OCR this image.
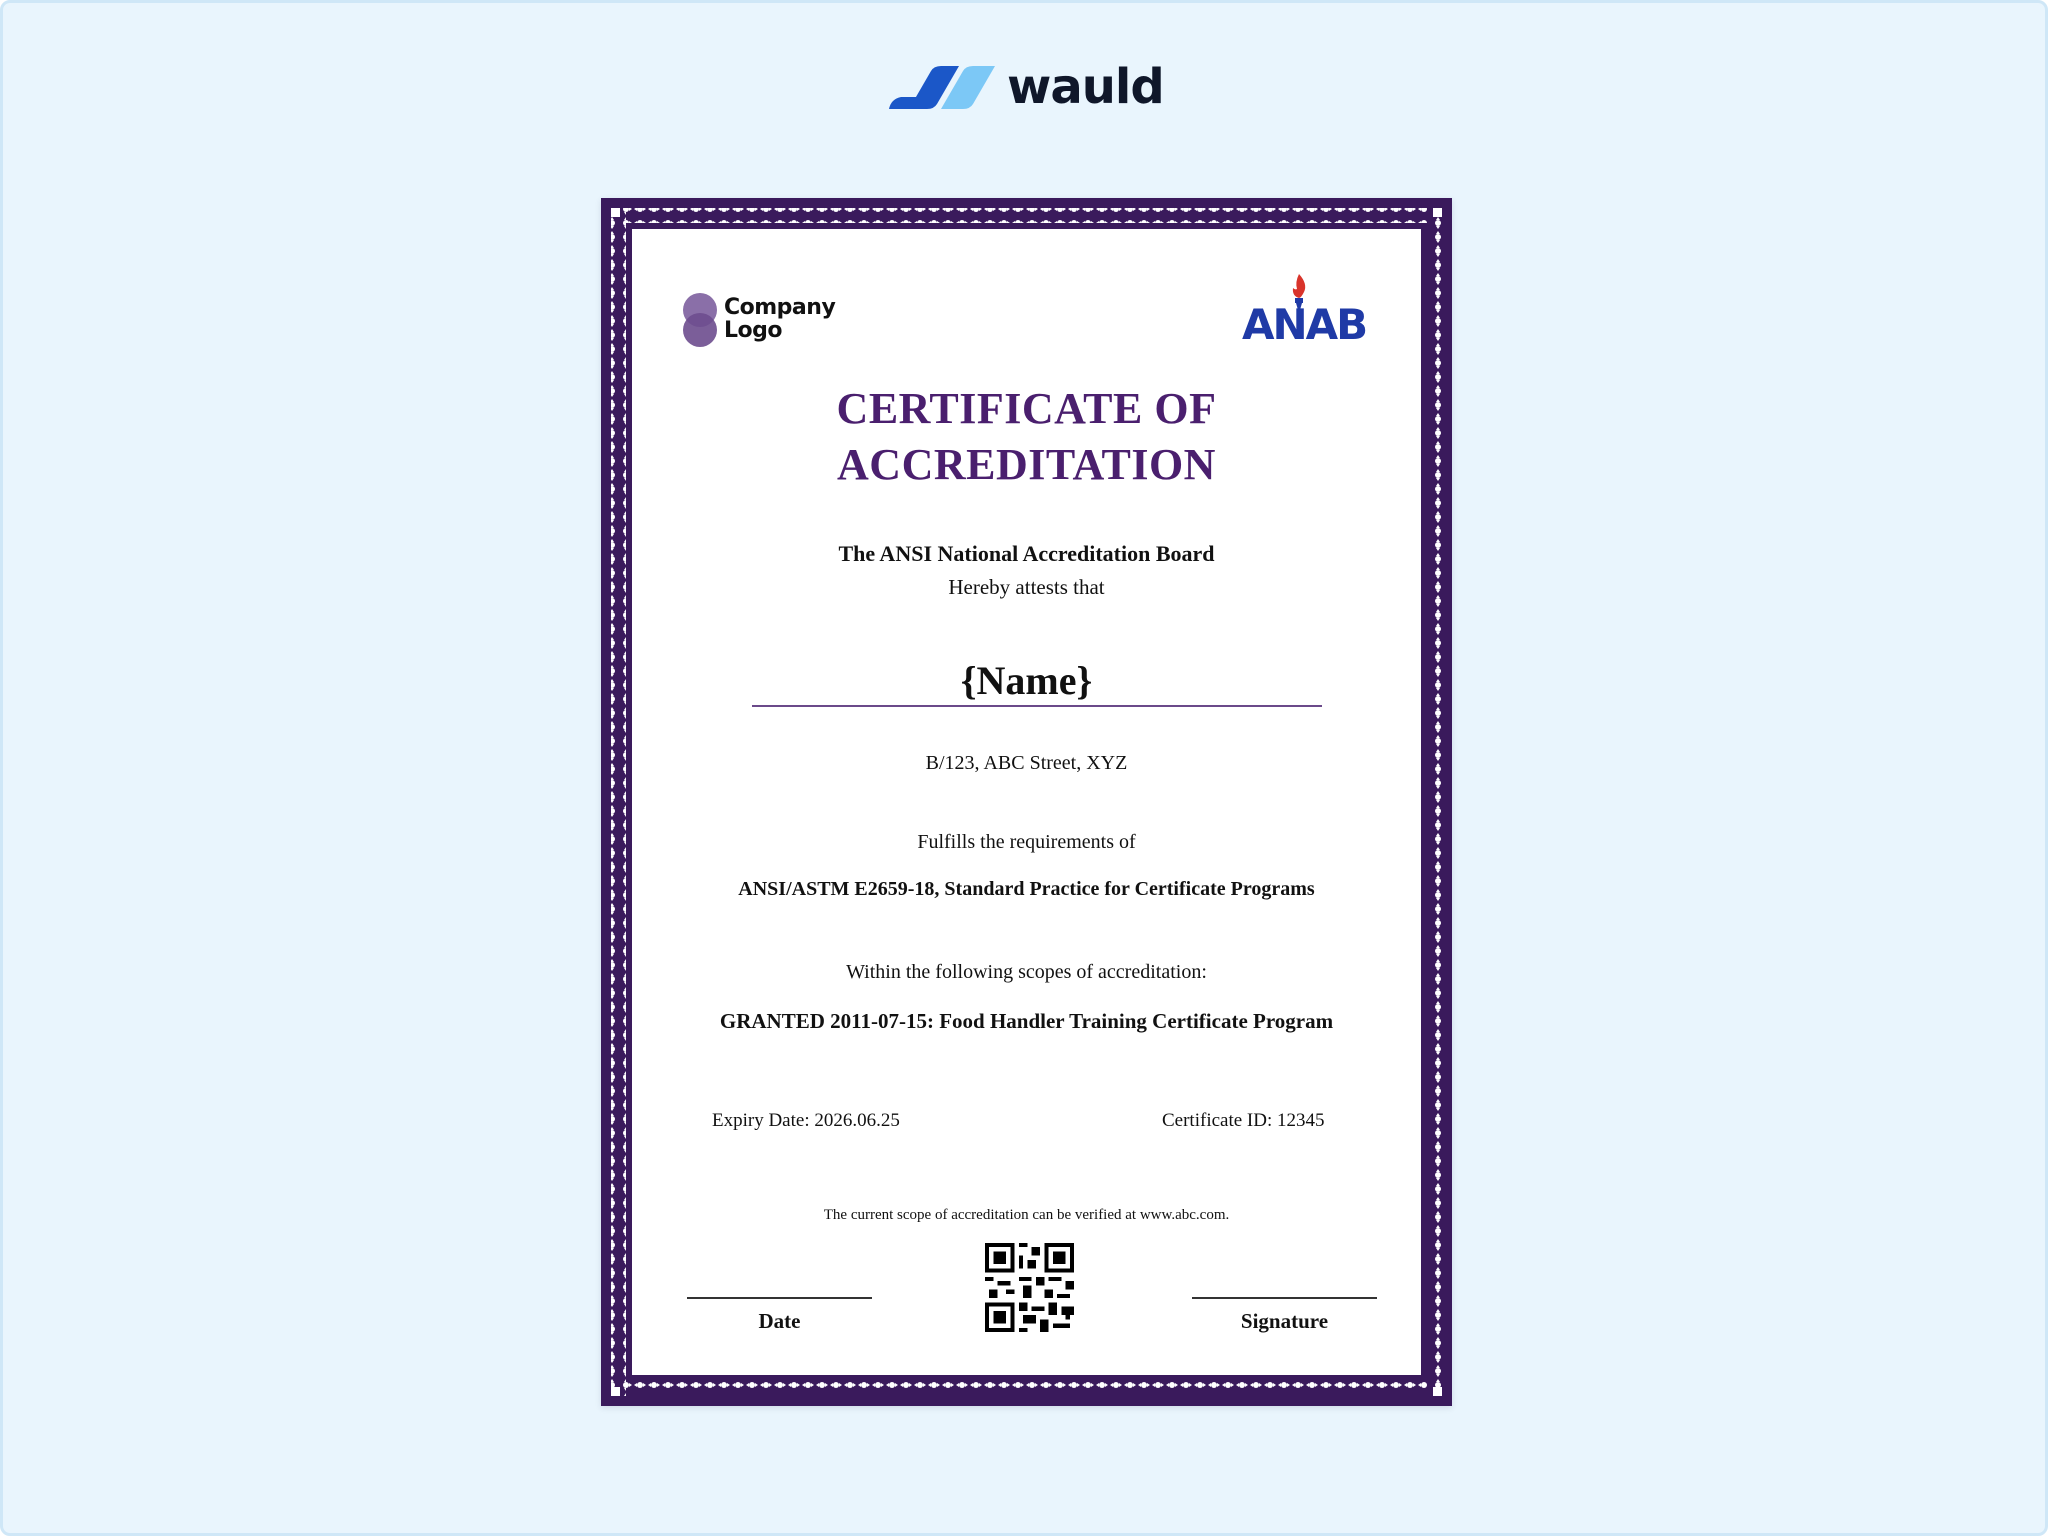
wauld
Company
Logo	ANAB
CERTIFICATE OF
ACCREDITATION
The ANSI National Accreditation Board
Hereby attests that
{Name}
B/123, ABC Street, XYZ
Fulfills the requirements of
ANSI/ASTM E2659-18, Standard Practice for Certificate Programs
Within the following scopes of accreditation:
GRANTED 2011-07-15: Food Handler Training Certificate Program
Expiry Date: 2026.06.25	Certificate ID: 12345
The current scope of accreditation can be verified at www.abc.com.
Date	Signature
